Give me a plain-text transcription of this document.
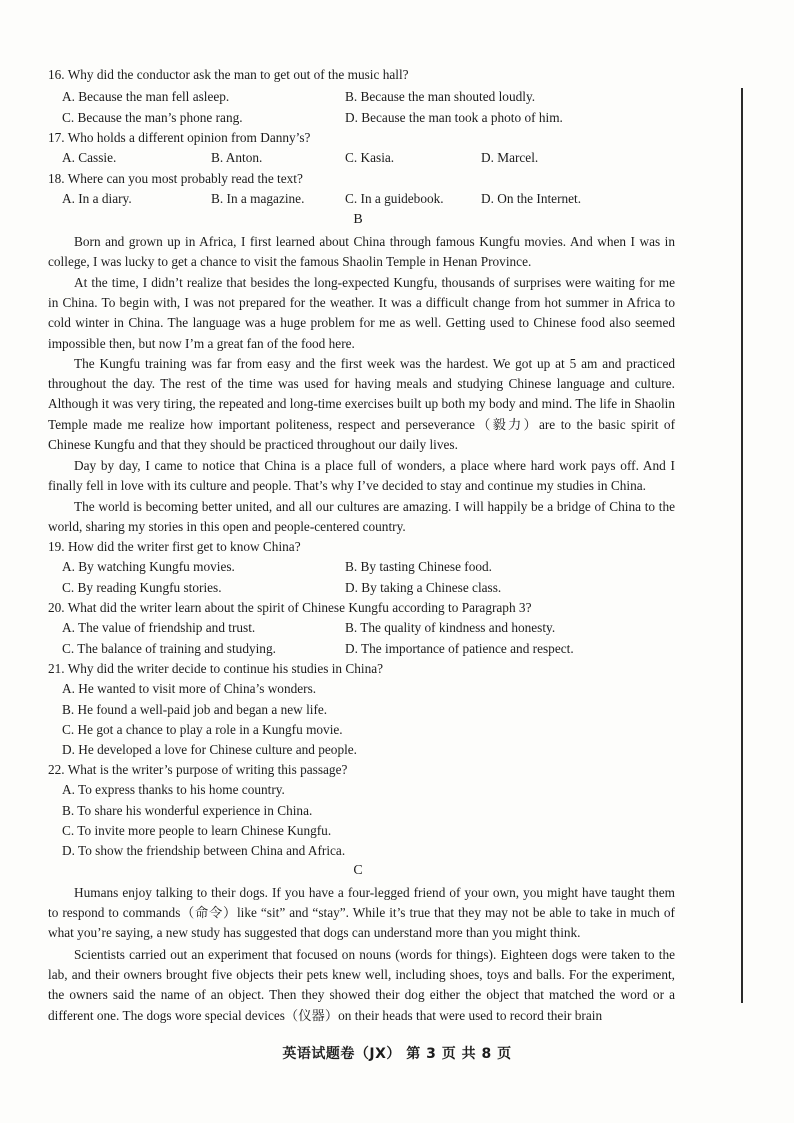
16. Why did the conductor ask the man to get out of the music hall?
A. Because the man fell asleep.	B. Because the man shouted loudly.
C. Because the man’s phone rang.	D. Because the man took a photo of him.
17. Who holds a different opinion from Danny’s?
A. Cassie.	B. Anton.	C. Kasia.	D. Marcel.
18. Where can you most probably read the text?
A. In a diary.	B. In a magazine.	C. In a guidebook.	D. On the Internet.
B
Born and grown up in Africa, I first learned about China through famous Kungfu movies. And when I was in college, I was lucky to get a chance to visit the famous Shaolin Temple in Henan Province.
At the time, I didn’t realize that besides the long-expected Kungfu, thousands of surprises were waiting for me in China. To begin with, I was not prepared for the weather. It was a difficult change from hot summer in Africa to cold winter in China. The language was a huge problem for me as well. Getting used to Chinese food also seemed impossible then, but now I’m a great fan of the food here.
The Kungfu training was far from easy and the first week was the hardest. We got up at 5 am and practiced throughout the day. The rest of the time was used for having meals and studying Chinese language and culture. Although it was very tiring, the repeated and long-time exercises built up both my body and mind. The life in Shaolin Temple made me realize how important politeness, respect and perseverance（毅力）are to the basic spirit of Chinese Kungfu and that they should be practiced throughout our daily lives.
Day by day, I came to notice that China is a place full of wonders, a place where hard work pays off. And I finally fell in love with its culture and people. That’s why I’ve decided to stay and continue my studies in China.
The world is becoming better united, and all our cultures are amazing. I will happily be a bridge of China to the world, sharing my stories in this open and people-centered country.
19. How did the writer first get to know China?
A. By watching Kungfu movies.	B. By tasting Chinese food.
C. By reading Kungfu stories.	D. By taking a Chinese class.
20. What did the writer learn about the spirit of Chinese Kungfu according to Paragraph 3?
A. The value of friendship and trust.	B. The quality of kindness and honesty.
C. The balance of training and studying.	D. The importance of patience and respect.
21. Why did the writer decide to continue his studies in China?
A. He wanted to visit more of China’s wonders.
B. He found a well-paid job and began a new life.
C. He got a chance to play a role in a Kungfu movie.
D. He developed a love for Chinese culture and people.
22. What is the writer’s purpose of writing this passage?
A. To express thanks to his home country.
B. To share his wonderful experience in China.
C. To invite more people to learn Chinese Kungfu.
D. To show the friendship between China and Africa.
C
Humans enjoy talking to their dogs. If you have a four-legged friend of your own, you might have taught them to respond to commands（命令）like “sit” and “stay”. While it’s true that they may not be able to take in much of what you’re saying, a new study has suggested that dogs can understand more than you might think.
Scientists carried out an experiment that focused on nouns (words for things). Eighteen dogs were taken to the lab, and their owners brought five objects their pets knew well, including shoes, toys and balls. For the experiment, the owners said the name of an object. Then they showed their dog either the object that matched the word or a different one. The dogs wore special devices（仪器）on their heads that were used to record their brain
英语试题卷（JX） 第 3 页 共 8 页
